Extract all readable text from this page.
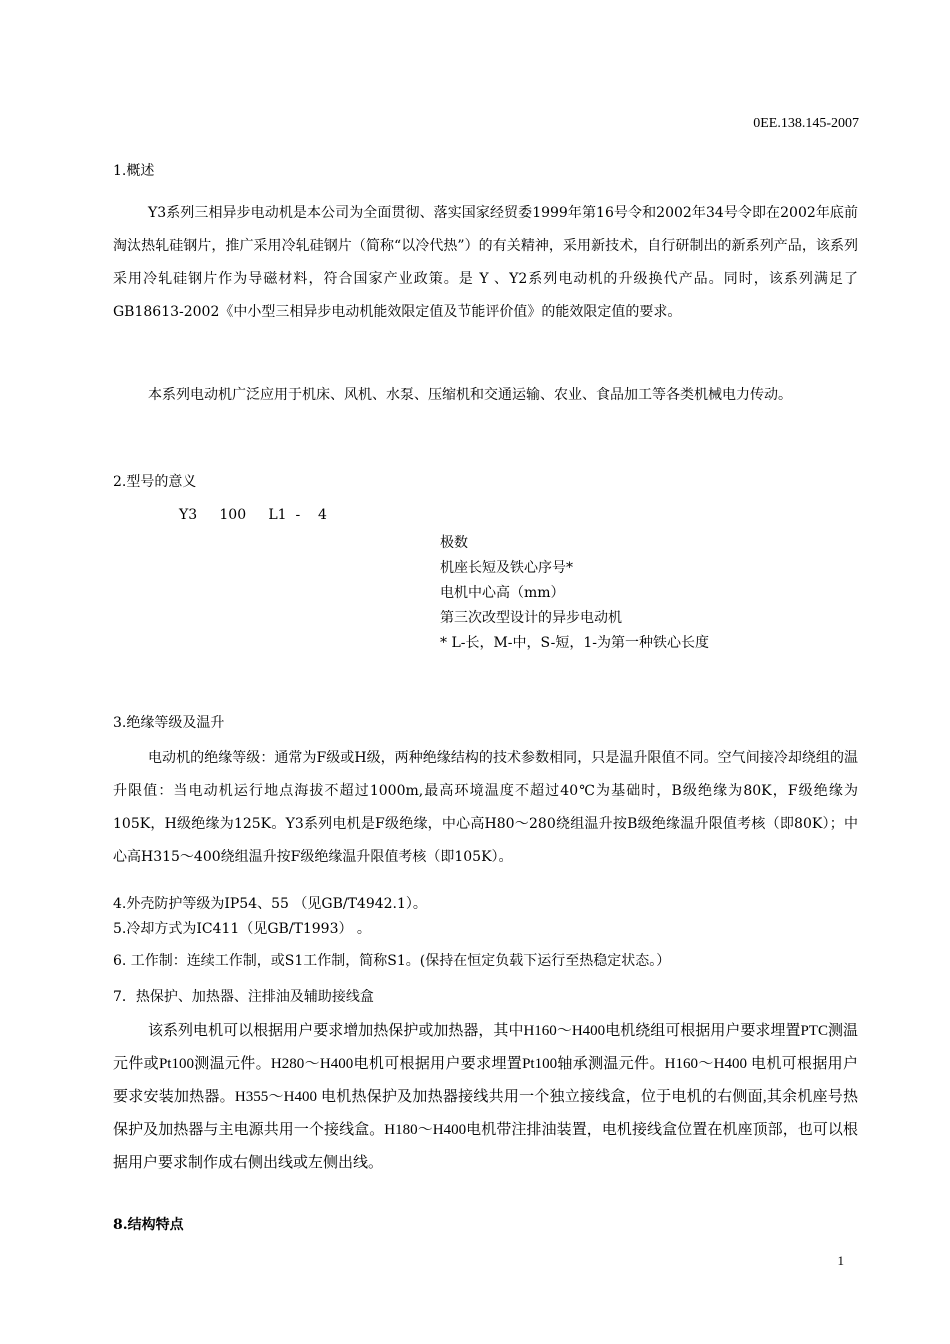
0EE.138.145-2007
1.概述

Y3系列三相异步电动机是本公司为全面贯彻、落实国家经贸委1999年第16号令和2002年34号令即在2002年底前淘汰热轧硅钢片，推广采用冷轧硅钢片（简称“以冷代热”）的有关精神，采用新技术，自行研制出的新系列产品，该系列采用冷轧硅钢片作为导磁材料，符合国家产业政策。是 Y 、Y2系列电动机的升级换代产品。同时，该系列满足了 GB18613-2002《中小型三相异步电动机能效限定值及节能评价值》的能效限定值的要求。

本系列电动机广泛应用于机床、风机、水泵、压缩机和交通运输、农业、食品加工等各类机械电力传动。

2.型号的意义
Y3     100     L1  -    4
极数
机座长短及铁心序号*
电机中心高（mm）
第三次改型设计的异步电动机
* L-长，M-中，S-短，1-为第一种铁心长度
3.绝缘等级及温升

电动机的绝缘等级：通常为F级或H级，两种绝缘结构的技术参数相同，只是温升限值不同。空气间接冷却绕组的温升限值：当电动机运行地点海拔不超过1000m,最高环境温度不超过40℃为基础时，B级绝缘为80K，F级绝缘为105K，H级绝缘为125K。Y3系列电机是F级绝缘，中心高H80～280绕组温升按B级绝缘温升限值考核（即80K）；中心高H315～400绕组温升按F级绝缘温升限值考核（即105K）。

4.外壳防护等级为IP54、55 （见GB/T4942.1）。
5.冷却方式为IC411（见GB/T1993） 。
6. 工作制：连续工作制，或S1工作制，简称S1。(保持在恒定负载下运行至热稳定状态。）
7．热保护、加热器、注排油及辅助接线盒

该系列电机可以根据用户要求增加热保护或加热器，其中H160～H400电机绕组可根据用户要求埋置PTC测温元件或Pt100测温元件。H280～H400电机可根据用户要求埋置Pt100轴承测温元件。H160～H400 电机可根据用户要求安装加热器。H355～H400 电机热保护及加热器接线共用一个独立接线盒，位于电机的右侧面,其余机座号热保护及加热器与主电源共用一个接线盒。H180～H400电机带注排油装置，电机接线盒位置在机座顶部，也可以根据用户要求制作成右侧出线或左侧出线。

8.结构特点
1
